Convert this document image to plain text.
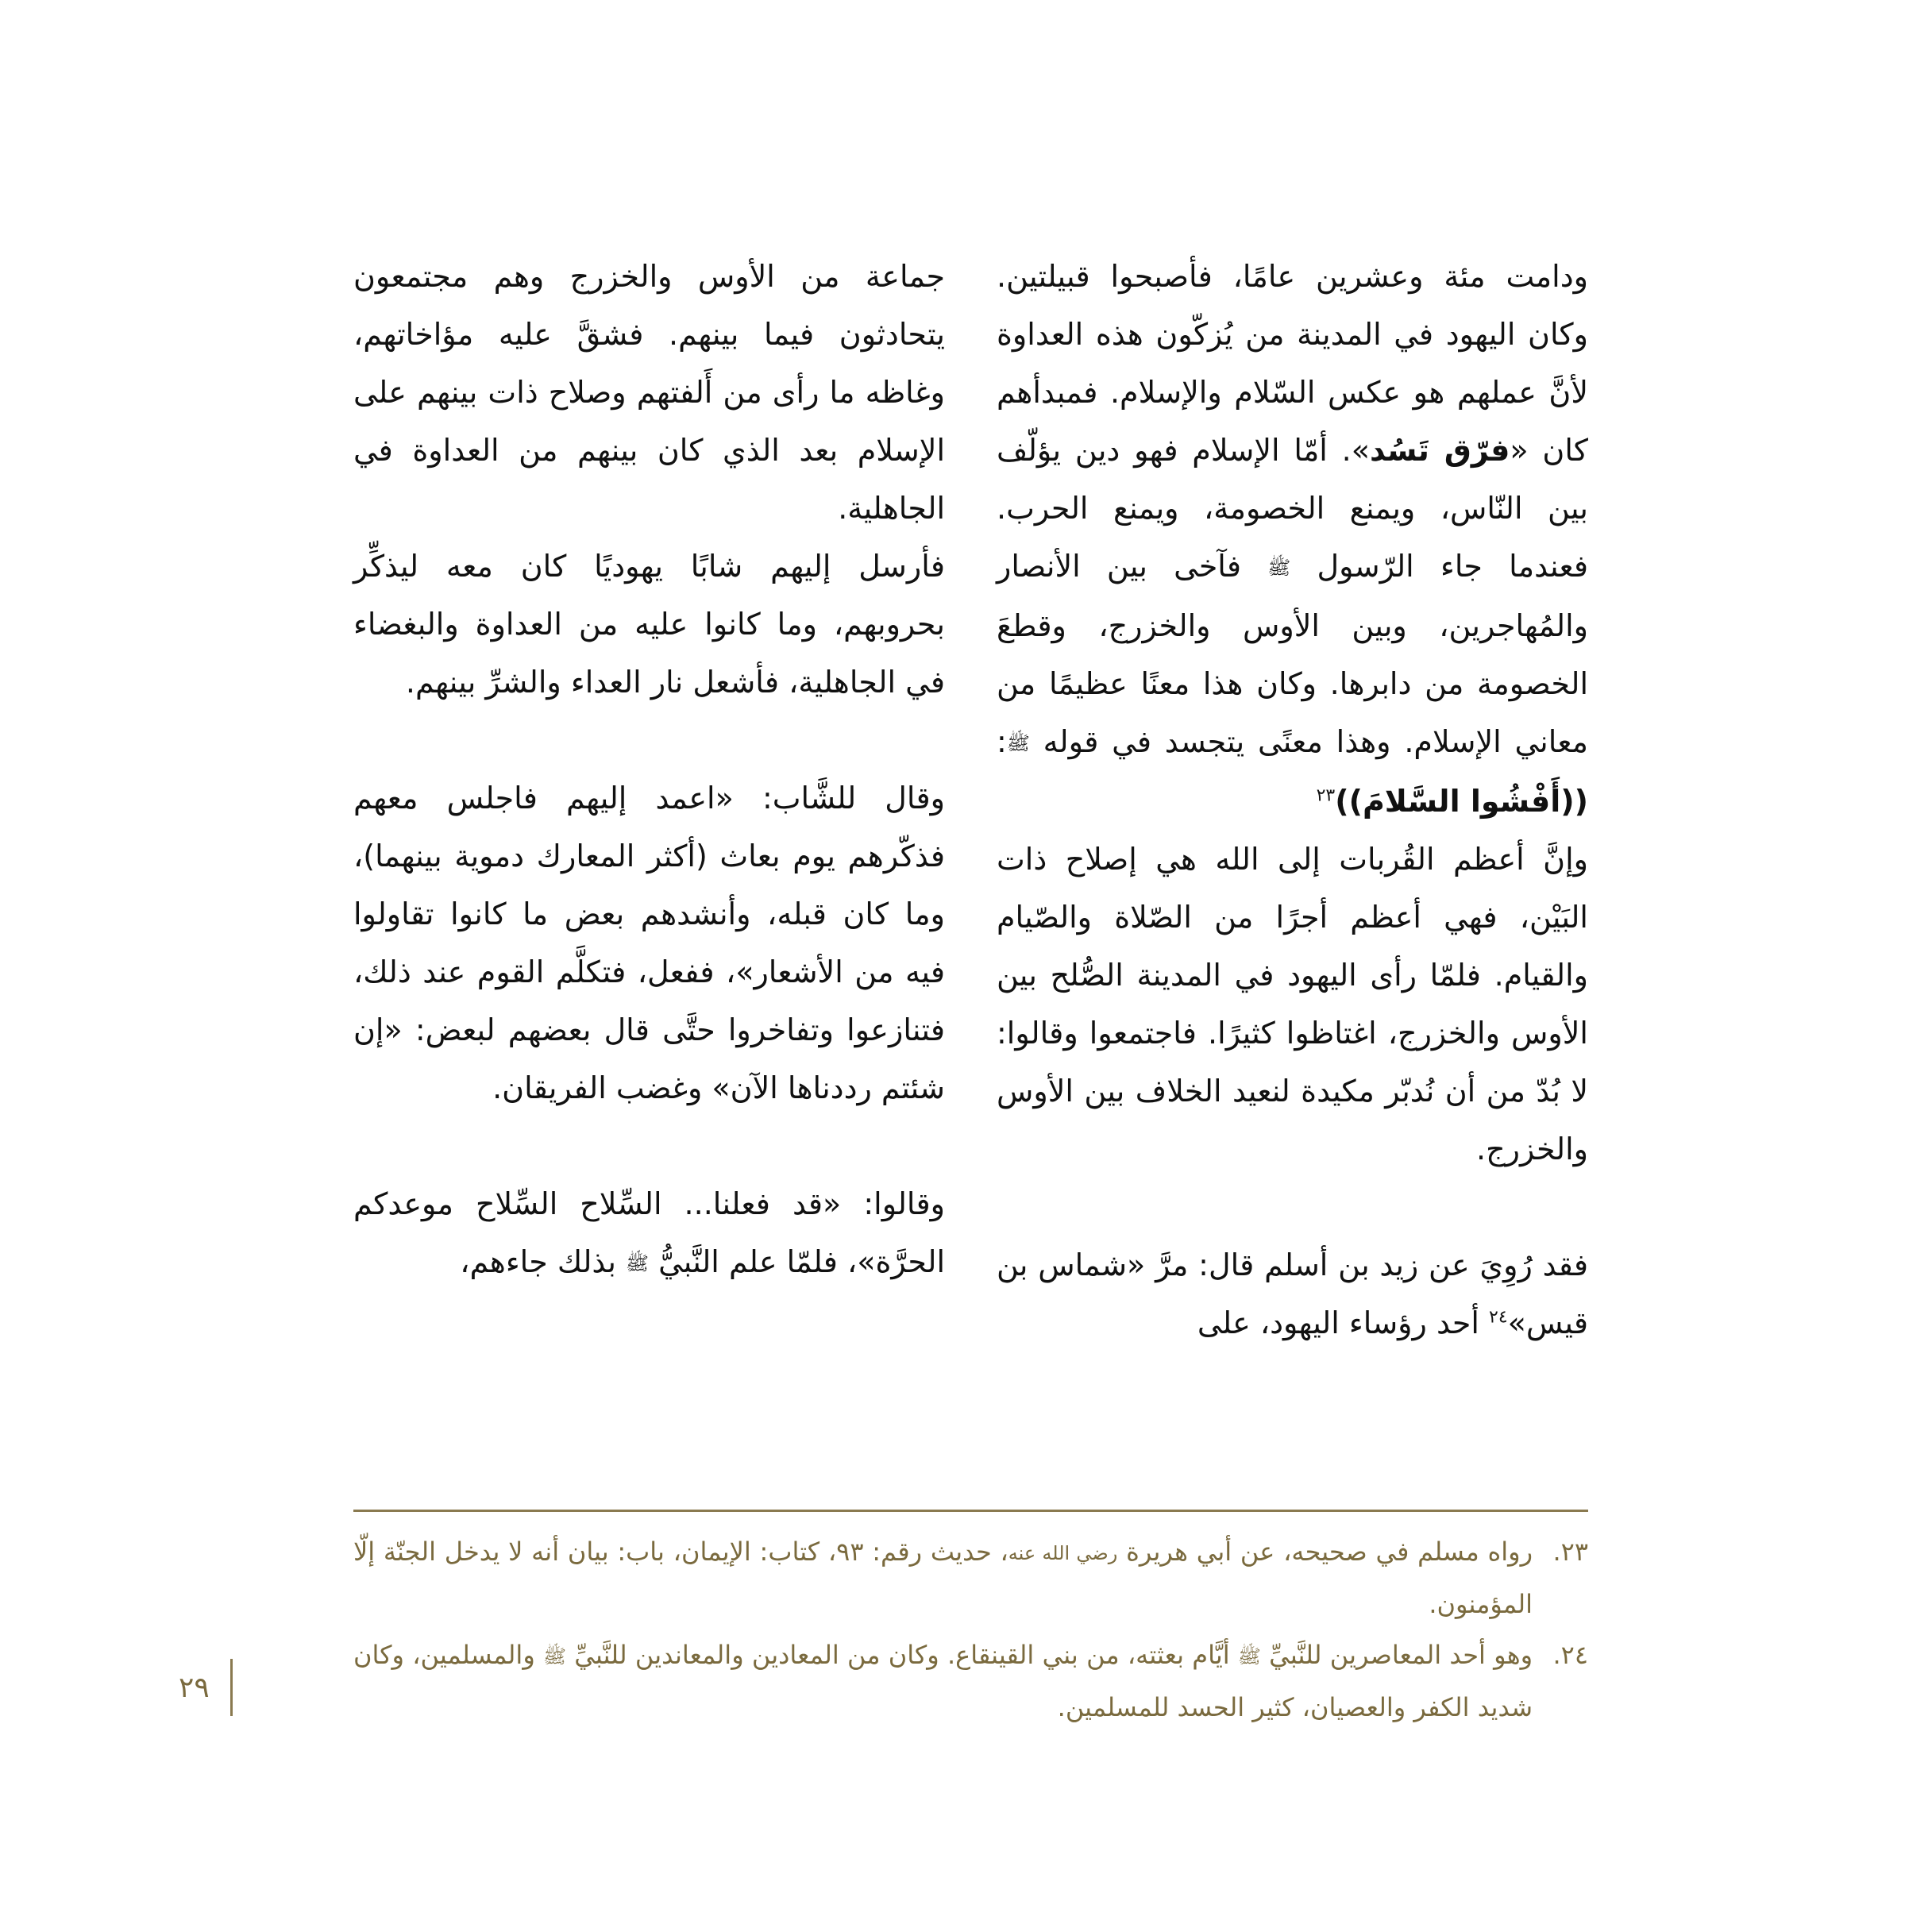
ودامت مئة وعشرين عامًا، فأصبحوا قبيلتين. وكان اليهود في المدينة من يُزكّون هذه العداوة لأنَّ عملهم هو عكس السّلام والإسلام. فمبدأهم كان «فرّق تَسُد». أمّا الإسلام فهو دين يؤلّف بين النّاس، ويمنع الخصومة، ويمنع الحرب. فعندما جاء الرّسول ﷺ فآخى بين الأنصار والمُهاجرين، وبين الأوس والخزرج، وقطعَ الخصومة من دابرها. وكان هذا معنًا عظيمًا من معاني الإسلام. وهذا معنًى يتجسد في قوله ﷺ: ((أَفْشُوا السَّلامَ))$^{٢٣}$

وإنَّ أعظم القُربات إلى الله هي إصلاح ذات البَيْن، فهي أعظم أجرًا من الصّلاة والصّيام والقيام. فلمّا رأى اليهود في المدينة الصُّلح بين الأوس والخزرج، اغتاظوا كثيرًا. فاجتمعوا وقالوا: لا بُدّ من أن نُدبّر مكيدة لنعيد الخلاف بين الأوس والخزرج.

فقد رُوِيَ عن زيد بن أسلم قال: مرَّ «شماس بن قيس»$^{٢٤}$ أحد رؤساء اليهود، على

جماعة من الأوس والخزرج وهم مجتمعون يتحادثون فيما بينهم. فشقَّ عليه مؤاخاتهم، وغاظه ما رأى من أَلفتهم وصلاح ذات بينهم على الإسلام بعد الذي كان بينهم من العداوة في الجاهلية.

فأرسل إليهم شابًا يهوديًا كان معه ليذكِّر بحروبهم، وما كانوا عليه من العداوة والبغضاء في الجاهلية، فأشعل نار العداء والشرِّ بينهم.

وقال للشَّاب: «اعمد إليهم فاجلس معهم فذكّرهم يوم بعاث (أكثر المعارك دموية بينهما)، وما كان قبله، وأنشدهم بعض ما كانوا تقاولوا فيه من الأشعار»، ففعل، فتكلَّم القوم عند ذلك، فتنازعوا وتفاخروا حتَّى قال بعضهم لبعض: «إن شئتم رددناها الآن» وغضب الفريقان.

وقالوا: «قد فعلنا... السِّلاح السِّلاح موعدكم الحرَّة»، فلمّا علم النَّبيُّ ﷺ بذلك جاءهم،

٢٣.رواه مسلم في صحيحه، عن أبي هريرة رضي الله عنه، حديث رقم: ٩٣، كتاب: الإيمان، باب: بيان أنه لا يدخل الجنّة إلّا المؤمنون.

٢٤.وهو أحد المعاصرين للنَّبيِّ ﷺ أيَّام بعثته، من بني القينقاع. وكان من المعادين والمعاندين للنَّبيِّ ﷺ والمسلمين، وكان شديد الكفر والعصيان، كثير الحسد للمسلمين.

٢٩
